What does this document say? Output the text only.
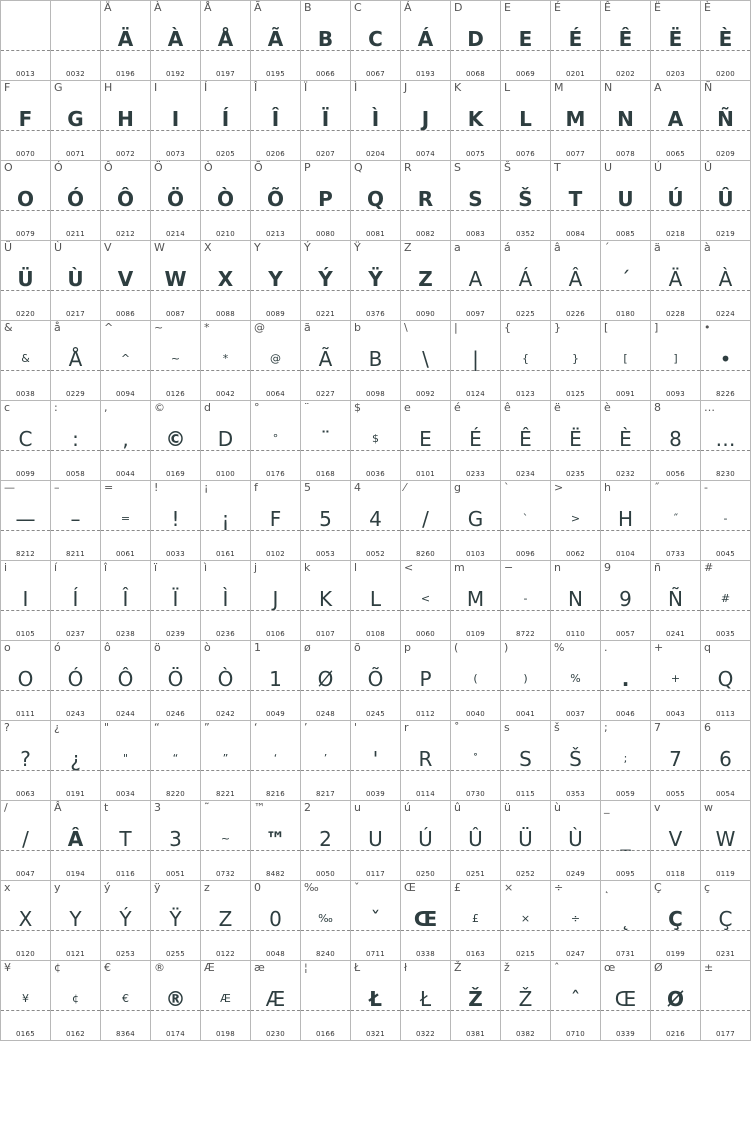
0013	0032
Ä
Ä
0196
À
À
0192
Å
Å
0197
Ã
Ã
0195
B
B
0066
C
C
0067
Á
Á
0193
D
D
0068
E
E
0069
É
É
0201
Ê
Ê
0202
Ë
Ë
0203
È
È
0200
F
F
0070
G
G
0071
H
H
0072
I
I
0073
Í
Í
0205
Î
Î
0206
Ï
Ï
0207
Ì
Ì
0204
J
J
0074
K
K
0075
L
L
0076
M
M
0077
N
N
0078
A
A
0065
Ñ
Ñ
0209
O
O
0079
Ó
Ó
0211
Ô
Ô
0212
Ö
Ö
0214
Ò
Ò
0210
Õ
Õ
0213
P
P
0080
Q
Q
0081
R
R
0082
S
S
0083
Š
Š
0352
T
T
0084
U
U
0085
Ú
Ú
0218
Û
Û
0219
Ü
Ü
0220
Ù
Ù
0217
V
V
0086
W
W
0087
X
X
0088
Y
Y
0089
Ý
Ý
0221
Ÿ
Ÿ
0376
Z
Z
0090
a
A
0097
á
Á
0225
â
Â
0226
´
´
0180
ä
Ä
0228
à
À
0224
&
&
0038
å
Å
0229
^
^
0094
~
~
0126
*
*
0042
@
@
0064
ã
Ã
0227
b
B
0098
\
\
0092
|
|
0124
{
{
0123
}
}
0125
[
[
0091
]
]
0093
•
•
8226
c
C
0099
:
:
0058
,
,
0044
©
©
0169
d
D
0100
°
°
0176
¨
¨
0168
$
$
0036
e
E
0101
é
É
0233
ê
Ê
0234
ë
Ë
0235
è
È
0232
8
8
0056
…
…
8230
—
—
8212
–
–
8211
=
=
0061
!
!
0033
¡
¡
0161
f
F
0102
5
5
0053
4
4
0052
⁄
/
8260
g
G
0103
`
`
0096
>
>
0062
h
H
0104
˝
˝
0733
-
-
0045
i
I
0105
í
Í
0237
î
Î
0238
ï
Ï
0239
ì
Ì
0236
j
J
0106
k
K
0107
l
L
0108
<
<
0060
m
M
0109
−
-
8722
n
N
0110
9
9
0057
ñ
Ñ
0241
#
#
0035
o
O
0111
ó
Ó
0243
ô
Ô
0244
ö
Ö
0246
ò
Ò
0242
1
1
0049
ø
Ø
0248
õ
Õ
0245
p
P
0112
(
(
0040
)
)
0041
%
%
0037
.
.
0046
+
+
0043
q
Q
0113
?
?
0063
¿
¿
0191
"
"
0034
“
“
8220
”
”
8221
‘
‘
8216
’
’
8217
'
'
0039
r
R
0114
˚
˚
0730
s
S
0115
š
Š
0353
;
;
0059
7
7
0055
6
6
0054
/
/
0047
Â
Â
0194
t
T
0116
3
3
0051
˜
~
0732
™
™
8482
2
2
0050
u
U
0117
ú
Ú
0250
û
Û
0251
ü
Ü
0252
ù
Ù
0249
_
_
0095
v
V
0118
w
W
0119
x
X
0120
y
Y
0121
ý
Ý
0253
ÿ
Ÿ
0255
z
Z
0122
0
0
0048
‰
‰
8240
ˇ
ˇ
0711
Œ
Œ
0338
£
£
0163
×
×
0215
÷
÷
0247
˛
˛
0731
Ç
Ç
0199
ç
Ç
0231
¥
¥
0165
¢
¢
0162
€
€
8364
®
®
0174
Æ
Æ
0198
æ
Æ
0230
¦
0166
Ł
Ł
0321
ł
Ł
0322
Ž
Ž
0381
ž
Ž
0382
ˆ
ˆ
0710
œ
Œ
0339
Ø
Ø
0216
±
0177
